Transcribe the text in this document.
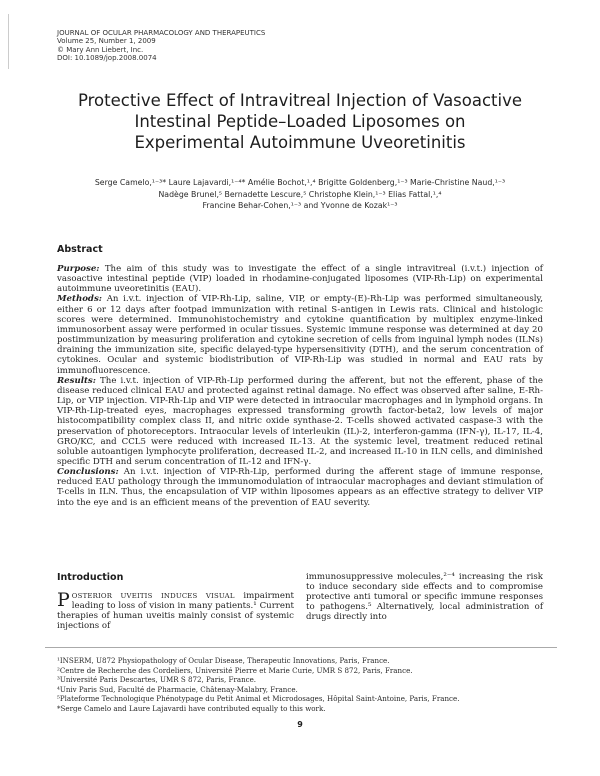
JOURNAL OF OCULAR PHARMACOLOGY AND THERAPEUTICS
Volume 25, Number 1, 2009
© Mary Ann Liebert, Inc.
DOI: 10.1089/jop.2008.0074
Protective Effect of Intravitreal Injection of Vasoactive
Intestinal Peptide–Loaded Liposomes on
Experimental Autoimmune Uveoretinitis
Serge Camelo,¹⁻³* Laure Lajavardi,¹⁻⁴* Amélie Bochot,¹,⁴ Brigitte Goldenberg,¹⁻³ Marie-Christine Naud,¹⁻³
Nadège Brunel,⁵ Bernadette Lescure,⁵ Christophe Klein,¹⁻³ Elias Fattal,¹,⁴
Francine Behar-Cohen,¹⁻³ and Yvonne de Kozak¹⁻³
Abstract

Purpose: The aim of this study was to investigate the effect of a single intravitreal (i.v.t.) injection of vasoactive intestinal peptide (VIP) loaded in rhodamine-conjugated liposomes (VIP-Rh-Lip) on experimental autoimmune uveoretinitis (EAU).

Methods: An i.v.t. injection of VIP-Rh-Lip, saline, VIP, or empty-(E)-Rh-Lip was performed simultaneously, either 6 or 12 days after footpad immunization with retinal S-antigen in Lewis rats. Clinical and histologic scores were determined. Immunohistochemistry and cytokine quantification by multiplex enzyme-linked immunosorbent assay were performed in ocular tissues. Systemic immune response was determined at day 20 postimmunization by measuring proliferation and cytokine secretion of cells from inguinal lymph nodes (ILNs) draining the immunization site, specific delayed-type hypersensitivity (DTH), and the serum concentration of cytokines. Ocular and systemic biodistribution of VIP-Rh-Lip was studied in normal and EAU rats by immunofluorescence.

Results: The i.v.t. injection of VIP-Rh-Lip performed during the afferent, but not the efferent, phase of the disease reduced clinical EAU and protected against retinal damage. No effect was observed after saline, E-Rh-Lip, or VIP injection. VIP-Rh-Lip and VIP were detected in intraocular macrophages and in lymphoid organs. In VIP-Rh-Lip-treated eyes, macrophages expressed transforming growth factor-beta2, low levels of major histocompatibility complex class II, and nitric oxide synthase-2. T-cells showed activated caspase-3 with the preservation of photoreceptors. Intraocular levels of interleukin (IL)-2, interferon-gamma (IFN-γ), IL-17, IL-4, GRO/KC, and CCL5 were reduced with increased IL-13. At the systemic level, treatment reduced retinal soluble autoantigen lymphocyte proliferation, decreased IL-2, and increased IL-10 in ILN cells, and diminished specific DTH and serum concentration of IL-12 and IFN-γ.

Conclusions: An i.v.t. injection of VIP-Rh-Lip, performed during the afferent stage of immune response, reduced EAU pathology through the immunomodulation of intraocular macrophages and deviant stimulation of T-cells in ILN. Thus, the encapsulation of VIP within liposomes appears as an effective strategy to deliver VIP into the eye and is an efficient means of the prevention of EAU severity.

Introduction

POSTERIOR UVEITIS INDUCES VISUAL impairment leading to loss of vision in many patients.¹ Current therapies of human uveitis mainly consist of systemic injections of

immunosuppressive molecules,²⁻⁴ increasing the risk to induce secondary side effects and to compromise protective anti tumoral or specific immune responses to pathogens.⁵ Alternatively, local administration of drugs directly into

¹INSERM, U872 Physiopathology of Ocular Disease, Therapeutic Innovations, Paris, France.
²Centre de Recherche des Cordeliers, Université Pierre et Marie Curie, UMR S 872, Paris, France.
³Université Paris Descartes, UMR S 872, Paris, France.
⁴Univ Paris Sud, Faculté de Pharmacie, Châtenay-Malabry, France.
⁵Plateforme Technologique Phénotypage du Petit Animal et Microdosages, Hôpital Saint-Antoine, Paris, France.
*Serge Camelo and Laure Lajavardi have contributed equally to this work.
9
